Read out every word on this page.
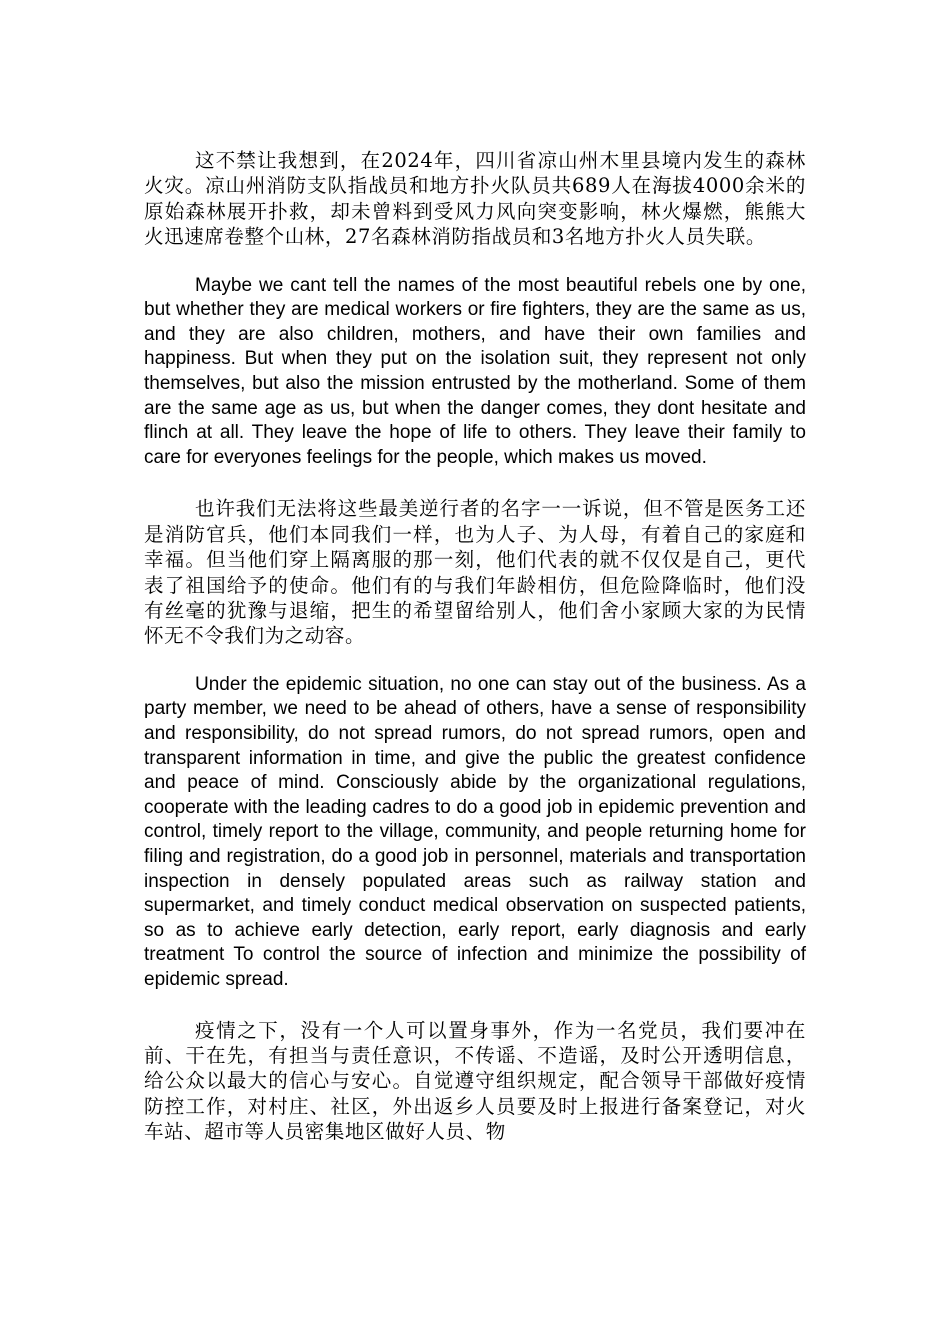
这不禁让我想到，在2024年，四川省凉山州木里县境内发生的森林火灾。凉山州消防支队指战员和地方扑火队员共689人在海拔4000余米的原始森林展开扑救，却未曾料到受风力风向突变影响，林火爆燃，熊熊大火迅速席卷整个山林，27名森林消防指战员和3名地方扑火人员失联。

Maybe we cant tell the names of the most beautiful rebels one by one, but whether they are medical workers or fire fighters, they are the same as us, and they are also children, mothers, and have their own families and happiness. But when they put on the isolation suit, they represent not only themselves, but also the mission entrusted by the motherland. Some of them are the same age as us, but when the danger comes, they dont hesitate and flinch at all. They leave the hope of life to others. They leave their family to care for everyones feelings for the people, which makes us moved.

也许我们无法将这些最美逆行者的名字一一诉说，但不管是医务工还是消防官兵，他们本同我们一样，也为人子、为人母，有着自己的家庭和幸福。但当他们穿上隔离服的那一刻，他们代表的就不仅仅是自己，更代表了祖国给予的使命。他们有的与我们年龄相仿，但危险降临时，他们没有丝毫的犹豫与退缩，把生的希望留给别人，他们舍小家顾大家的为民情怀无不令我们为之动容。

Under the epidemic situation, no one can stay out of the business. As a party member, we need to be ahead of others, have a sense of responsibility and responsibility, do not spread rumors, do not spread rumors, open and transparent information in time, and give the public the greatest confidence and peace of mind. Consciously abide by the organizational regulations, cooperate with the leading cadres to do a good job in epidemic prevention and control, timely report to the village, community, and people returning home for filing and registration, do a good job in personnel, materials and transportation inspection in densely populated areas such as railway station and supermarket, and timely conduct medical observation on suspected patients, so as to achieve early detection, early report, early diagnosis and early treatment To control the source of infection and minimize the possibility of epidemic spread.

疫情之下，没有一个人可以置身事外，作为一名党员，我们要冲在前、干在先，有担当与责任意识，不传谣、不造谣，及时公开透明信息，给公众以最大的信心与安心。自觉遵守组织规定，配合领导干部做好疫情防控工作，对村庄、社区，外出返乡人员要及时上报进行备案登记，对火车站、超市等人员密集地区做好人员、物
